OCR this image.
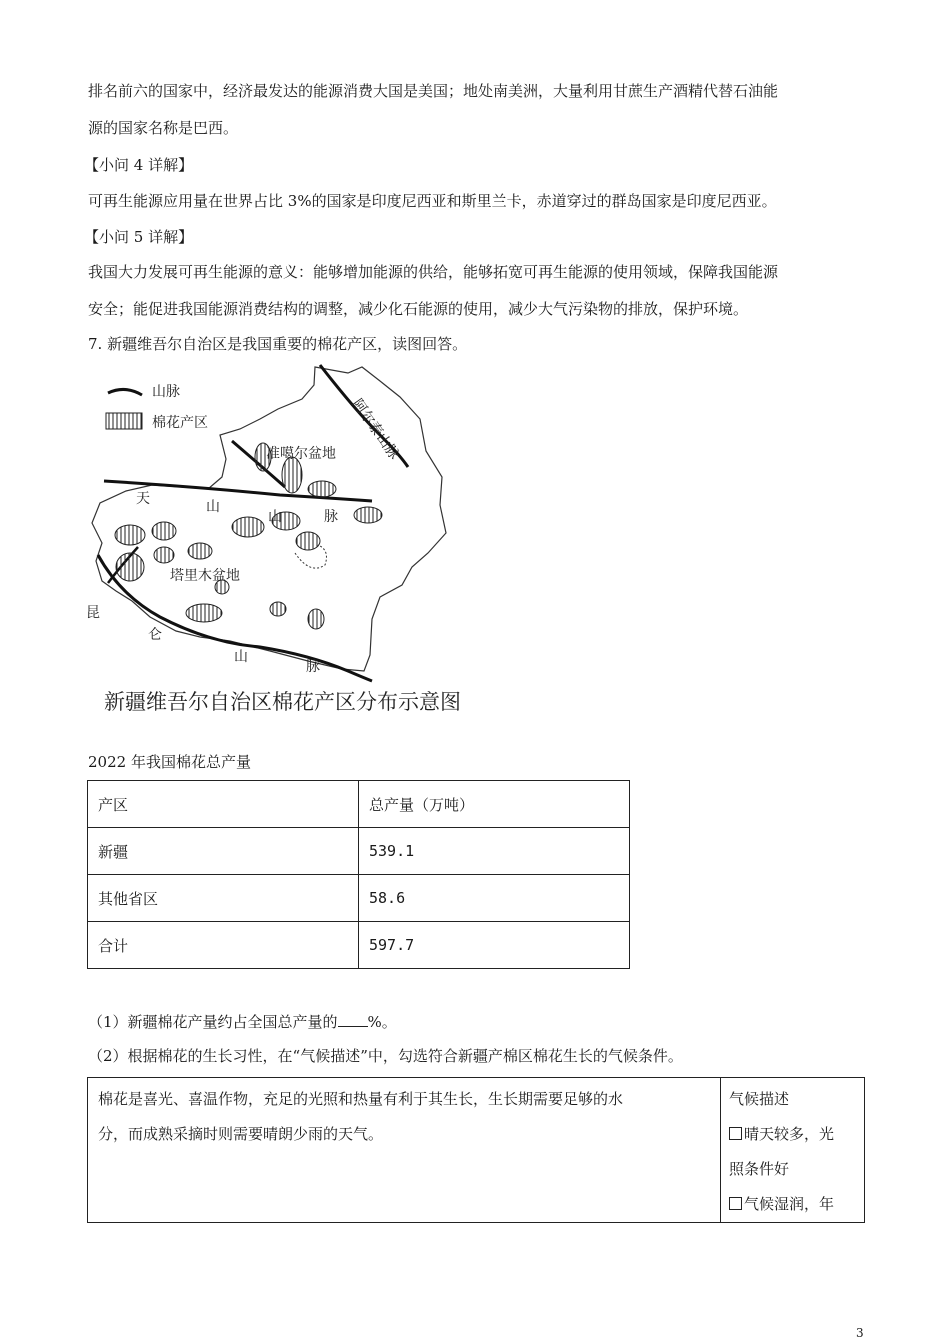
排名前六的国家中，经济最发达的能源消费大国是美国；地处南美洲，大量利用甘蔗生产酒精代替石油能
源的国家名称是巴西。
【小问 4 详解】
可再生能源应用量在世界占比 3%的国家是印度尼西亚和斯里兰卡，赤道穿过的群岛国家是印度尼西亚。
【小问 5 详解】
我国大力发展可再生能源的意义：能够增加能源的供给，能够拓宽可再生能源的使用领域，保障我国能源
安全；能促进我国能源消费结构的调整，减少化石能源的使用，减少大气污染物的排放，保护环境。
7. 新疆维吾尔自治区是我国重要的棉花产区，读图回答。
山脉
棉花产区	阿尔泰山脉
准噶尔盆地
塔里木盆地
天	山
山	脉
昆
仑
山
脉
新疆维吾尔自治区棉花产区分布示意图
2022 年我国棉花总产量
产区	总产量（万吨）
新疆	539.1
其他省区	58.6
合计	597.7
（1）新疆棉花产量约占全国总产量的 %。
（2）根据棉花的生长习性，在“气候描述”中，勾选符合新疆产棉区棉花生长的气候条件。
棉花是喜光、喜温作物，充足的光照和热量有利于其生长，生长期需要足够的水
分，而成熟采摘时则需要晴朗少雨的天气。

气候描述
晴天较多，光
照条件好
气候湿润，年
3
